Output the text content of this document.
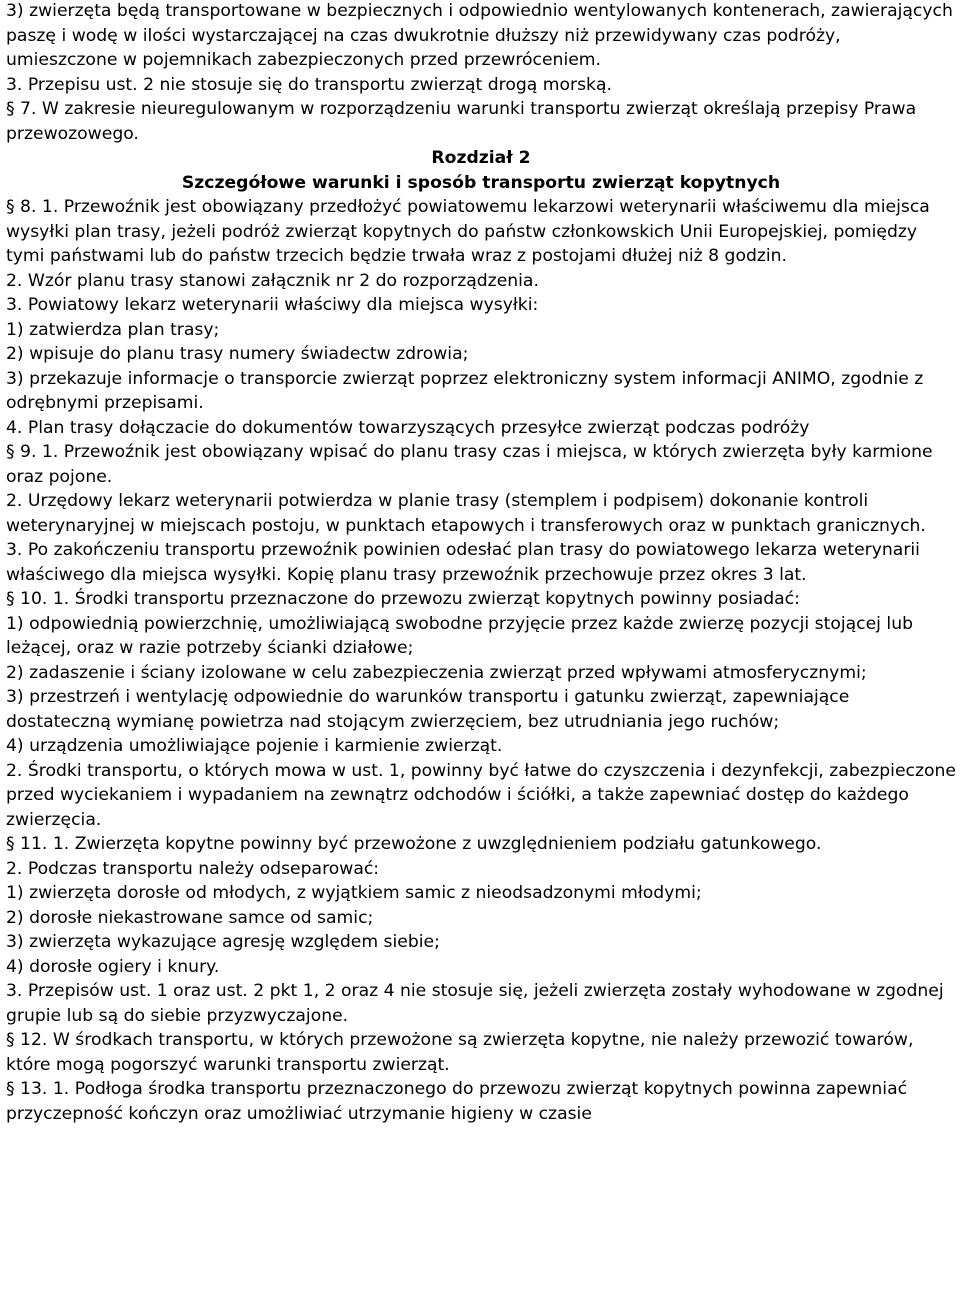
3) zwierzęta będą transportowane w bezpiecznych i odpowiednio wentylowanych kontenerach, zawierających paszę i wodę w ilości wystarczającej na czas dwukrotnie dłuższy niż przewidywany czas podróży, umieszczone w pojemnikach zabezpieczonych przed przewróceniem.

3. Przepisu ust. 2 nie stosuje się do transportu zwierząt drogą morską.

§ 7. W zakresie nieuregulowanym w rozporządzeniu warunki transportu zwierząt określają przepisy Prawa przewozowego.

Rozdział 2

Szczegółowe warunki i sposób transportu zwierząt kopytnych

§ 8. 1. Przewoźnik jest obowiązany przedłożyć powiatowemu lekarzowi weterynarii właściwemu dla miejsca wysyłki plan trasy, jeżeli podróż zwierząt kopytnych do państw członkowskich Unii Europejskiej, pomiędzy tymi państwami lub do państw trzecich będzie trwała wraz z postojami dłużej niż 8 godzin.

2. Wzór planu trasy stanowi załącznik nr 2 do rozporządzenia.

3. Powiatowy lekarz weterynarii właściwy dla miejsca wysyłki:

1) zatwierdza plan trasy;

2) wpisuje do planu trasy numery świadectw zdrowia;

3) przekazuje informacje o transporcie zwierząt poprzez elektroniczny system informacji ANIMO, zgodnie z odrębnymi przepisami.

4. Plan trasy dołączacie do dokumentów towarzyszących przesyłce zwierząt podczas podróży

§ 9. 1. Przewoźnik jest obowiązany wpisać do planu trasy czas i miejsca, w których zwierzęta były karmione oraz pojone.

2. Urzędowy lekarz weterynarii potwierdza w planie trasy (stemplem i podpisem) dokonanie kontroli weterynaryjnej w miejscach postoju, w punktach etapowych i transferowych oraz w punktach granicznych.

3. Po zakończeniu transportu przewoźnik powinien odesłać plan trasy do powiatowego lekarza weterynarii właściwego dla miejsca wysyłki. Kopię planu trasy przewoźnik przechowuje przez okres 3 lat.

§ 10. 1. Środki transportu przeznaczone do przewozu zwierząt kopytnych powinny posiadać:

1) odpowiednią powierzchnię, umożliwiającą swobodne przyjęcie przez każde zwierzę pozycji stojącej lub leżącej, oraz w razie potrzeby ścianki działowe;

2) zadaszenie i ściany izolowane w celu zabezpieczenia zwierząt przed wpływami atmosferycznymi;

3) przestrzeń i wentylację odpowiednie do warunków transportu i gatunku zwierząt, zapewniające dostateczną wymianę powietrza nad stojącym zwierzęciem, bez utrudniania jego ruchów;

4) urządzenia umożliwiające pojenie i karmienie zwierząt.

2. Środki transportu, o których mowa w ust. 1, powinny być łatwe do czyszczenia i dezynfekcji, zabezpieczone przed wyciekaniem i wypadaniem na zewnątrz odchodów i ściółki, a także zapewniać dostęp do każdego zwierzęcia.

§ 11. 1. Zwierzęta kopytne powinny być przewożone z uwzględnieniem podziału gatunkowego.

2. Podczas transportu należy odseparować:

1) zwierzęta dorosłe od młodych, z wyjątkiem samic z nieodsadzonymi młodymi;

2) dorosłe niekastrowane samce od samic;

3) zwierzęta wykazujące agresję względem siebie;

4) dorosłe ogiery i knury.

3. Przepisów ust. 1 oraz ust. 2 pkt 1, 2 oraz 4 nie stosuje się, jeżeli zwierzęta zostały wyhodowane w zgodnej grupie lub są do siebie przyzwyczajone.

§ 12. W środkach transportu, w których przewożone są zwierzęta kopytne, nie należy przewozić towarów, które mogą pogorszyć warunki transportu zwierząt.

§ 13. 1. Podłoga środka transportu przeznaczonego do przewozu zwierząt kopytnych powinna zapewniać przyczepność kończyn oraz umożliwiać utrzymanie higieny w czasie
